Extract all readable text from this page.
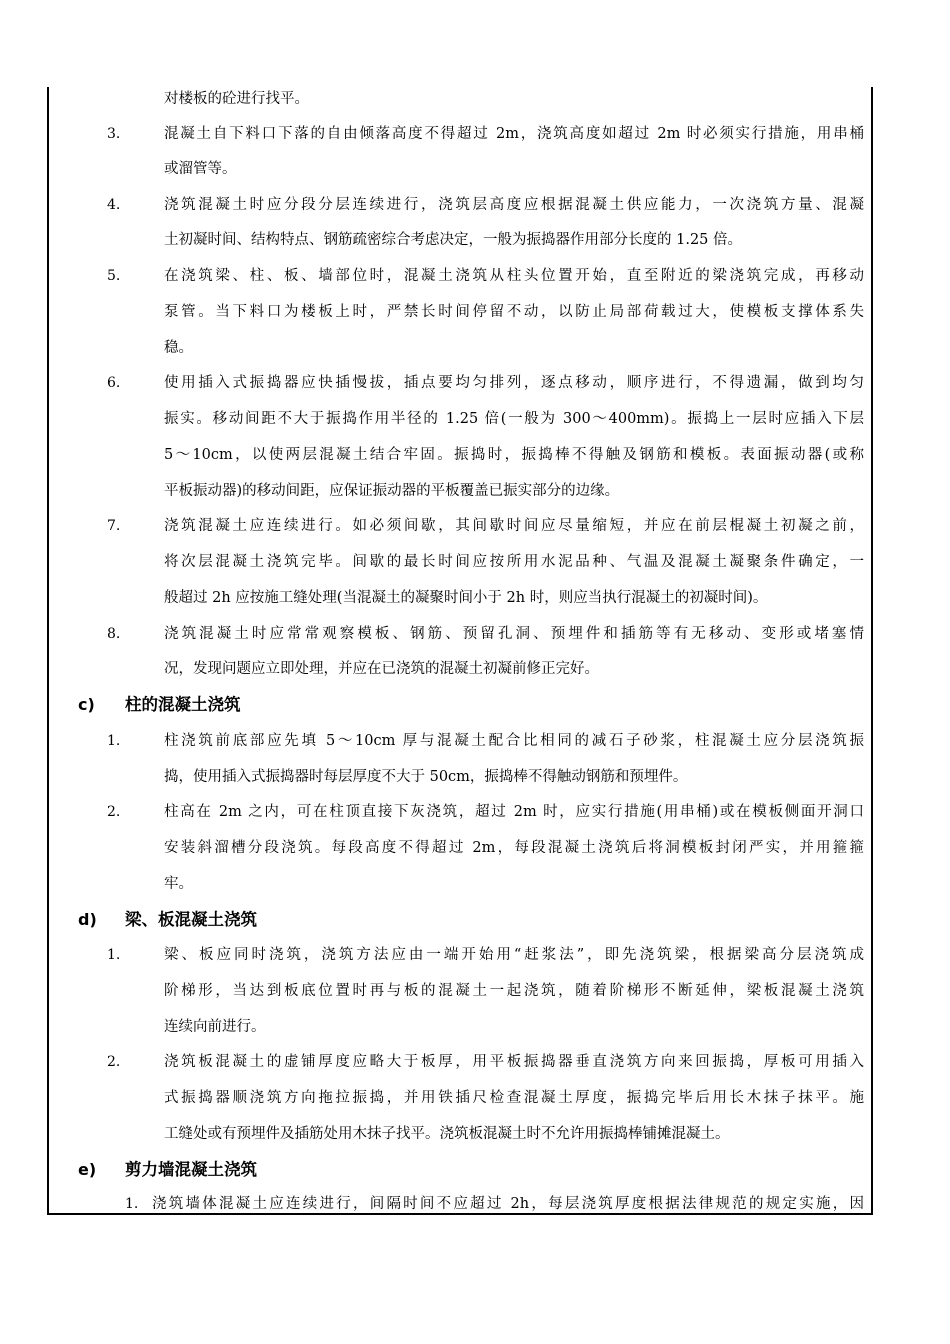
对楼板的砼进行找平。
3.	混凝土自下料口下落的自由倾落高度不得超过 2m，浇筑高度如超过 2m 时必须实行措施，用串桶
或溜管等。
4.	浇筑混凝土时应分段分层连续进行，浇筑层高度应根据混凝土供应能力，一次浇筑方量、混凝
土初凝时间、结构特点、钢筋疏密综合考虑决定，一般为振捣器作用部分长度的 1.25 倍。
5.	在浇筑梁、柱、板、墙部位时，混凝土浇筑从柱头位置开始，直至附近的梁浇筑完成，再移动
泵管。当下料口为楼板上时，严禁长时间停留不动，以防止局部荷载过大，使模板支撑体系失
稳。
6.	使用插入式振捣器应快插慢拔，插点要均匀排列，逐点移动，顺序进行，不得遗漏，做到均匀
振实。移动间距不大于振捣作用半径的 1.25 倍(一般为 300～400mm)。振捣上一层时应插入下层
5～10cm，以使两层混凝土结合牢固。振捣时，振捣棒不得触及钢筋和模板。表面振动器(或称
平板振动器)的移动间距，应保证振动器的平板覆盖已振实部分的边缘。
7.	浇筑混凝土应连续进行。如必须间歇，其间歇时间应尽量缩短，并应在前层棍凝土初凝之前，
将次层混凝土浇筑完毕。间歇的最长时间应按所用水泥品种、气温及混凝土凝聚条件确定，一
般超过 2h 应按施工缝处理(当混凝土的凝聚时间小于 2h 时，则应当执行混凝土的初凝时间)。
8.	浇筑混凝土时应常常观察模板、钢筋、预留孔洞、预埋件和插筋等有无移动、变形或堵塞情
况，发现问题应立即处理，并应在已浇筑的混凝土初凝前修正完好。
c) 柱的混凝土浇筑
1.	柱浇筑前底部应先填 5～10cm 厚与混凝土配合比相同的减石子砂浆，柱混凝土应分层浇筑振
捣，使用插入式振捣器时每层厚度不大于 50cm，振捣棒不得触动钢筋和预埋件。
2.	柱高在 2m 之内，可在柱顶直接下灰浇筑，超过 2m 时，应实行措施(用串桶)或在模板侧面开洞口
安装斜溜槽分段浇筑。每段高度不得超过 2m，每段混凝土浇筑后将洞模板封闭严实，并用箍箍
牢。
d) 梁、板混凝土浇筑
1.	梁、板应同时浇筑，浇筑方法应由一端开始用“赶浆法”，即先浇筑梁，根据梁高分层浇筑成
阶梯形，当达到板底位置时再与板的混凝土一起浇筑，随着阶梯形不断延伸，梁板混凝土浇筑
连续向前进行。
2.	浇筑板混凝土的虚铺厚度应略大于板厚，用平板振捣器垂直浇筑方向来回振捣，厚板可用插入
式振捣器顺浇筑方向拖拉振捣，并用铁插尺检查混凝土厚度，振捣完毕后用长木抹子抹平。施
工缝处或有预埋件及插筋处用木抹子找平。浇筑板混凝土时不允许用振捣棒铺摊混凝土。
e) 剪力墙混凝土浇筑
1. 浇筑墙体混凝土应连续进行，间隔时间不应超过 2h，每层浇筑厚度根据法律规范的规定实施，因
